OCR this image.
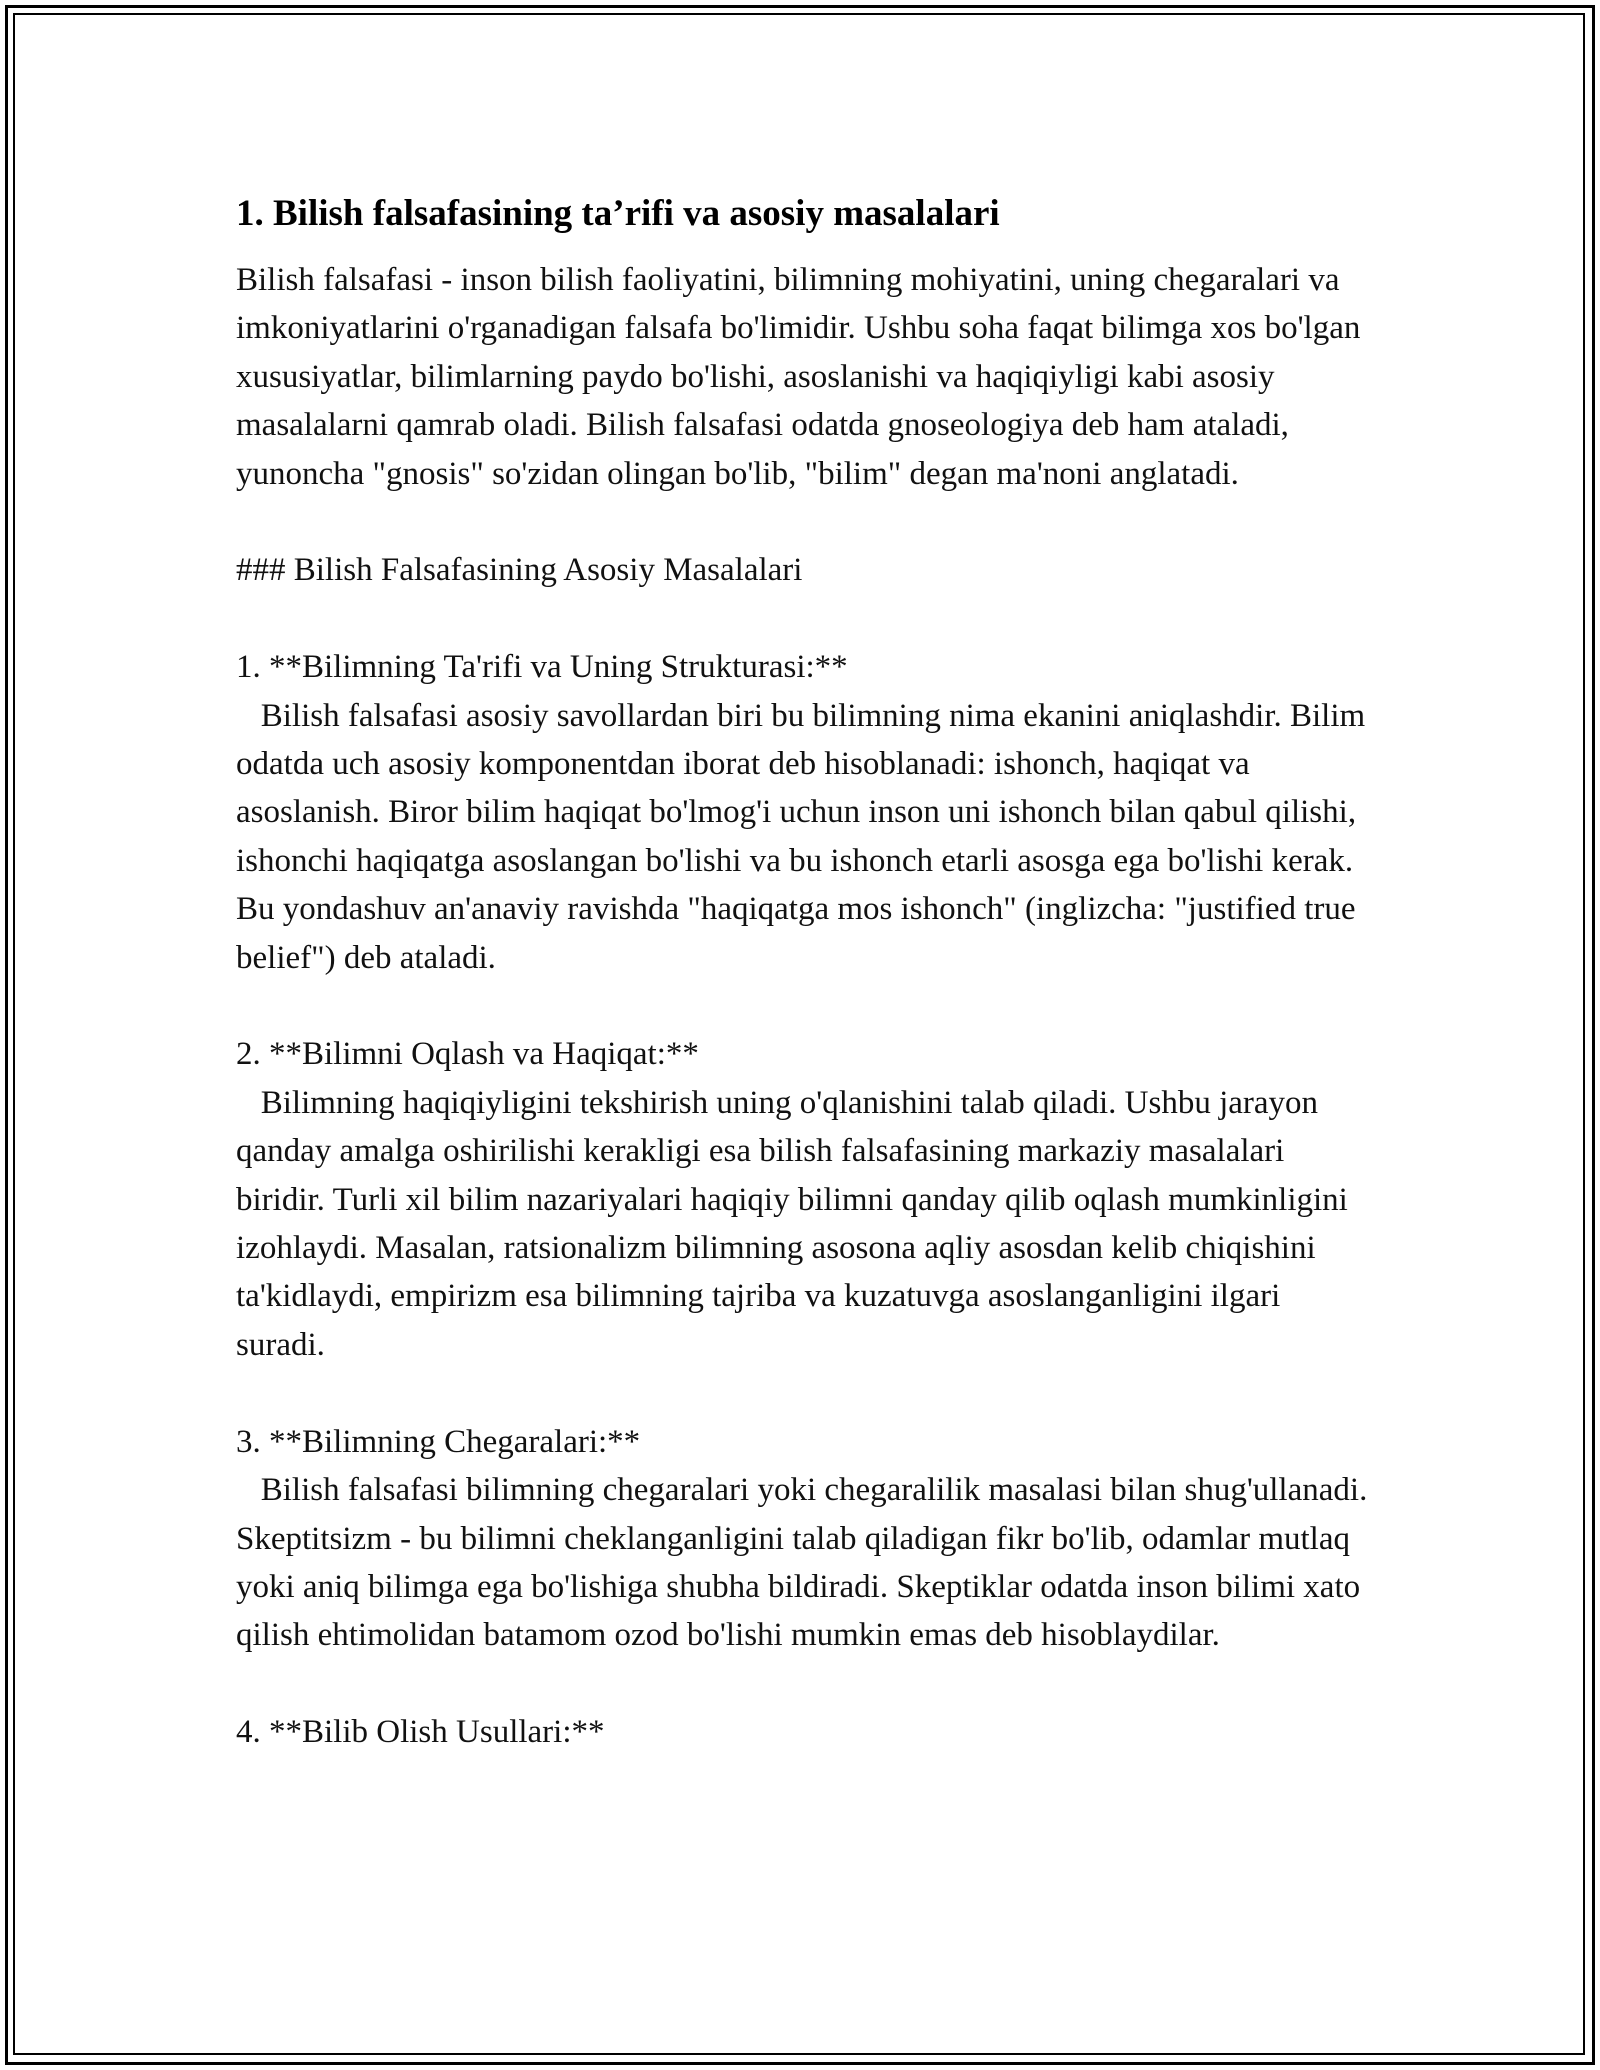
1. Bilish falsafasining ta’rifi va asosiy masalalari

Bilish falsafasi - inson bilish faoliyatini, bilimning mohiyatini, uning chegaralari va imkoniyatlarini o'rganadigan falsafa bo'limidir. Ushbu soha faqat bilimga xos bo'lgan xususiyatlar, bilimlarning paydo bo'lishi, asoslanishi va haqiqiyligi kabi asosiy masalalarni qamrab oladi. Bilish falsafasi odatda gnoseologiya deb ham ataladi, yunoncha "gnosis" so'zidan olingan bo'lib, "bilim" degan ma'noni anglatadi.

### Bilish Falsafasining Asosiy Masalalari

1. **Bilimning Ta'rifi va Uning Strukturasi:**

Bilish falsafasi asosiy savollardan biri bu bilimning nima ekanini aniqlashdir. Bilim odatda uch asosiy komponentdan iborat deb hisoblanadi: ishonch, haqiqat va asoslanish. Biror bilim haqiqat bo'lmog'i uchun inson uni ishonch bilan qabul qilishi, ishonchi haqiqatga asoslangan bo'lishi va bu ishonch etarli asosga ega bo'lishi kerak. Bu yondashuv an'anaviy ravishda "haqiqatga mos ishonch" (inglizcha: "justified true belief") deb ataladi.

2. **Bilimni Oqlash va Haqiqat:**

Bilimning haqiqiyligini tekshirish uning o'qlanishini talab qiladi. Ushbu jarayon qanday amalga oshirilishi kerakligi esa bilish falsafasining markaziy masalalari biridir. Turli xil bilim nazariyalari haqiqiy bilimni qanday qilib oqlash mumkinligini izohlaydi. Masalan, ratsionalizm bilimning asosona aqliy asosdan kelib chiqishini ta'kidlaydi, empirizm esa bilimning tajriba va kuzatuvga asoslanganligini ilgari suradi.

3. **Bilimning Chegaralari:**

Bilish falsafasi bilimning chegaralari yoki chegaralilik masalasi bilan shug'ullanadi. Skeptitsizm - bu bilimni cheklanganligini talab qiladigan fikr bo'lib, odamlar mutlaq yoki aniq bilimga ega bo'lishiga shubha bildiradi. Skeptiklar odatda inson bilimi xato qilish ehtimolidan batamom ozod bo'lishi mumkin emas deb hisoblaydilar.

4. **Bilib Olish Usullari:**
